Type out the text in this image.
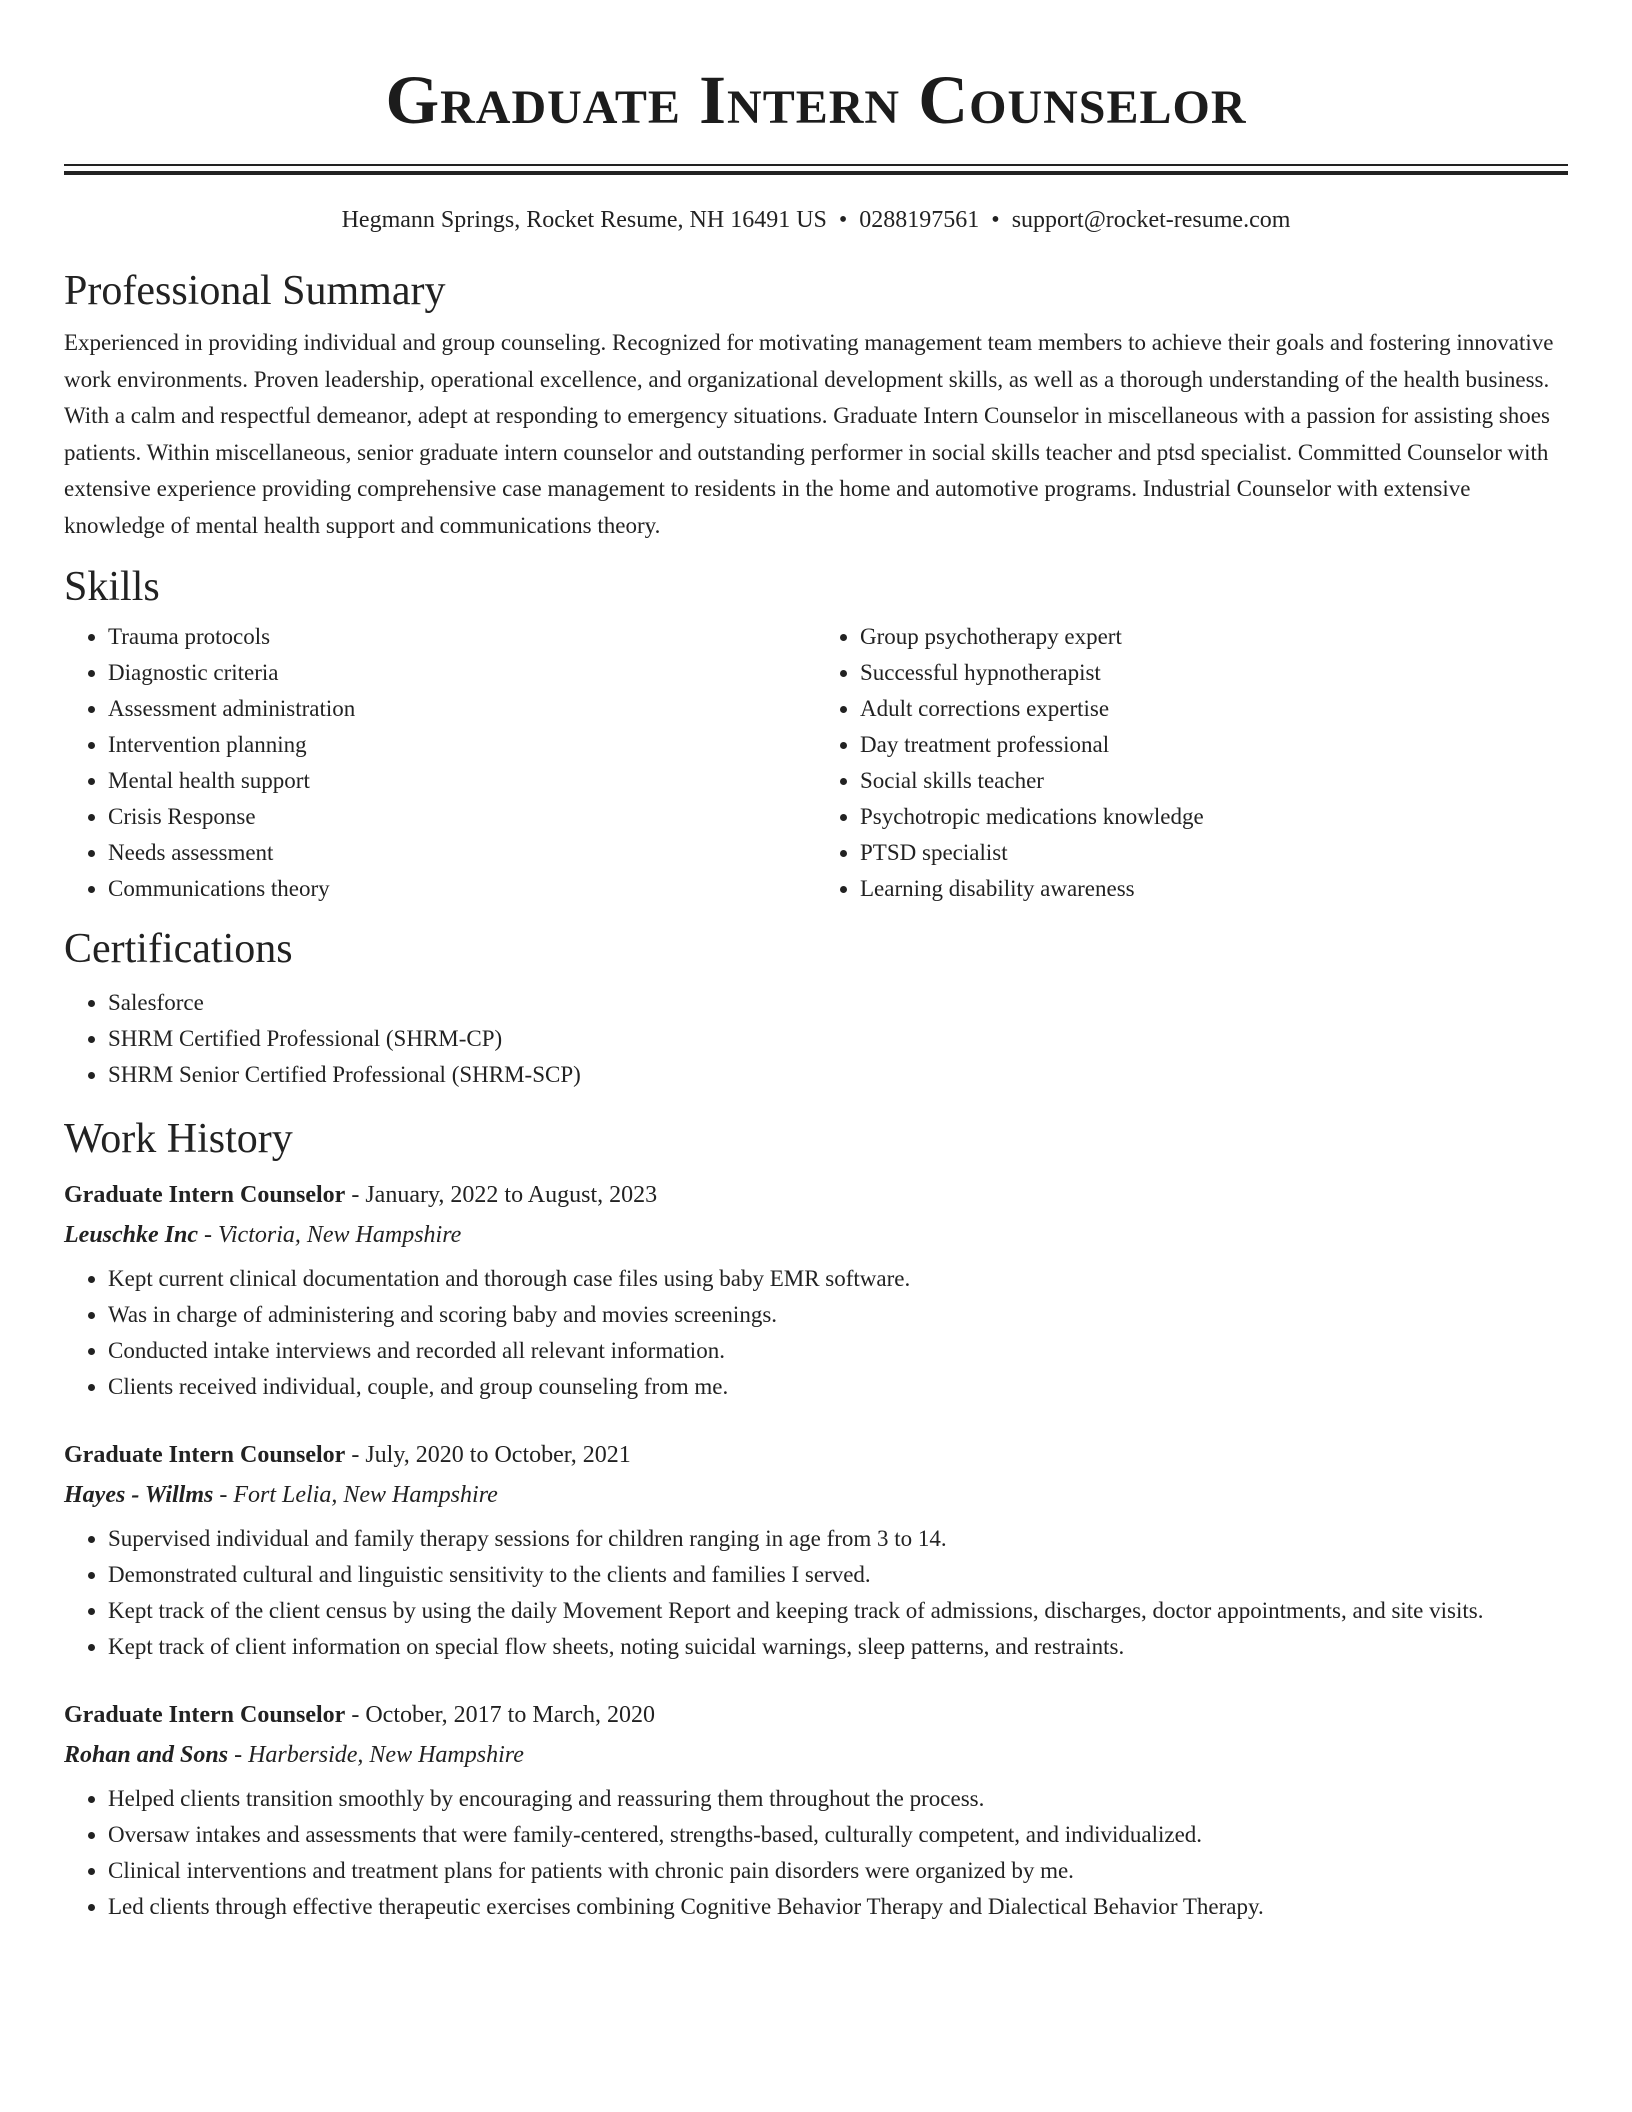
Graduate Intern Counselor
Hegmann Springs, Rocket Resume, NH 16491 US • 0288197561 • support@rocket-resume.com
Professional Summary

Experienced in providing individual and group counseling. Recognized for motivating management team members to achieve their goals and fostering innovative work environments. Proven leadership, operational excellence, and organizational development skills, as well as a thorough understanding of the health business. With a calm and respectful demeanor, adept at responding to emergency situations. Graduate Intern Counselor in miscellaneous with a passion for assisting shoes patients. Within miscellaneous, senior graduate intern counselor and outstanding performer in social skills teacher and ptsd specialist. Committed Counselor with extensive experience providing comprehensive case management to residents in the home and automotive programs. Industrial Counselor with extensive knowledge of mental health support and communications theory.

Skills
• Trauma protocols
• Diagnostic criteria
• Assessment administration
• Intervention planning
• Mental health support
• Crisis Response
• Needs assessment
• Communications theory
• Group psychotherapy expert
• Successful hypnotherapist
• Adult corrections expertise
• Day treatment professional
• Social skills teacher
• Psychotropic medications knowledge
• PTSD specialist
• Learning disability awareness
Certifications
• Salesforce
• SHRM Certified Professional (SHRM-CP)
• SHRM Senior Certified Professional (SHRM-SCP)
Work History

Graduate Intern Counselor - January, 2022 to August, 2023

Leuschke Inc - Victoria, New Hampshire

• Kept current clinical documentation and thorough case files using baby EMR software.
• Was in charge of administering and scoring baby and movies screenings.
• Conducted intake interviews and recorded all relevant information.
• Clients received individual, couple, and group counseling from me.

Graduate Intern Counselor - July, 2020 to October, 2021

Hayes - Willms - Fort Lelia, New Hampshire

• Supervised individual and family therapy sessions for children ranging in age from 3 to 14.
• Demonstrated cultural and linguistic sensitivity to the clients and families I served.
• Kept track of the client census by using the daily Movement Report and keeping track of admissions, discharges, doctor appointments, and site visits.
• Kept track of client information on special flow sheets, noting suicidal warnings, sleep patterns, and restraints.

Graduate Intern Counselor - October, 2017 to March, 2020

Rohan and Sons - Harberside, New Hampshire

• Helped clients transition smoothly by encouraging and reassuring them throughout the process.
• Oversaw intakes and assessments that were family-centered, strengths-based, culturally competent, and individualized.
• Clinical interventions and treatment plans for patients with chronic pain disorders were organized by me.
• Led clients through effective therapeutic exercises combining Cognitive Behavior Therapy and Dialectical Behavior Therapy.
